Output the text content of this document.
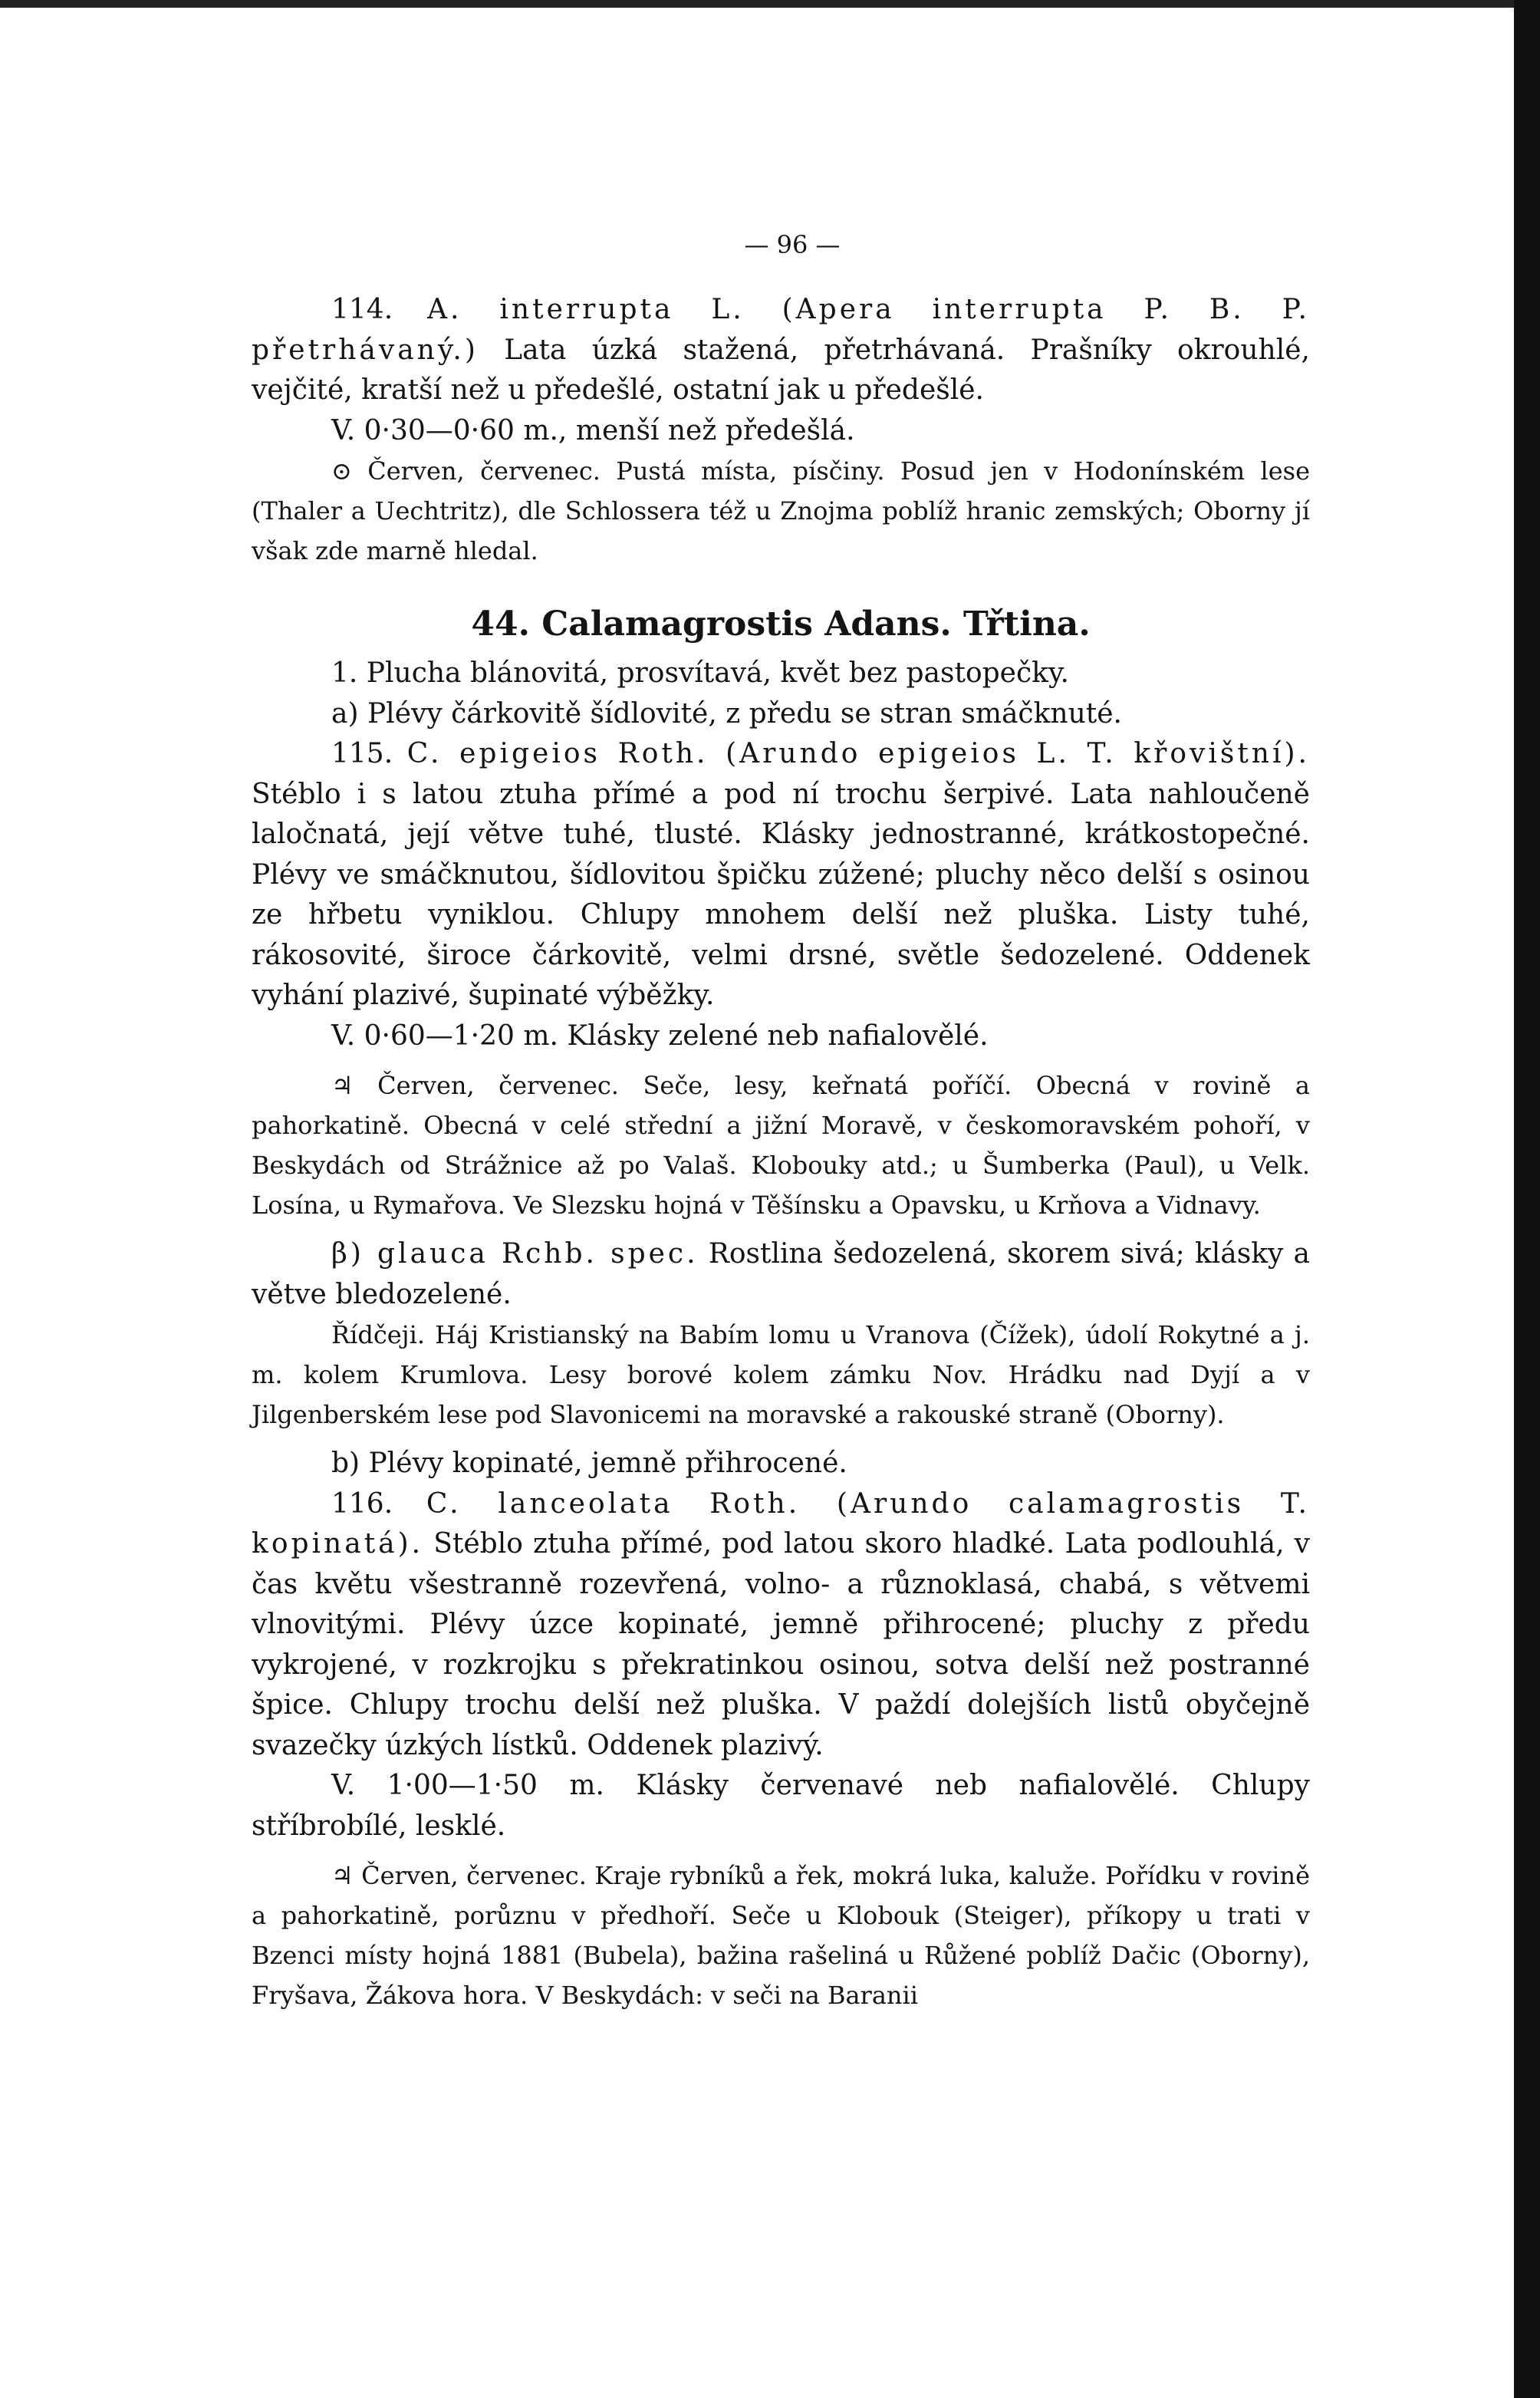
— 96 —

114. A. interrupta L. (Apera interrupta P. B. P. přetrhávaný.) Lata úzká stažená, přetrhávaná. Prašníky okrouhlé, vejčité, kratší než u předešlé, ostatní jak u předešlé.

V. 0·30—0·60 m., menší než předešlá.

⊙ Červen, červenec. Pustá místa, písčiny. Posud jen v Hodonínském lese (Thaler a Uechtritz), dle Schlossera též u Znojma poblíž hranic zemských; Oborny jí však zde marně hledal.

44. Calamagrostis Adans. Třtina.

1. Plucha blánovitá, prosvítavá, květ bez pastopečky.

a) Plévy čárkovitě šídlovité, z předu se stran smáčknuté.

115. C. epigeios Roth. (Arundo epigeios L. T. křovištní). Stéblo i s latou ztuha přímé a pod ní trochu šerpivé. Lata nahloučeně laločnatá, její větve tuhé, tlusté. Klásky jednostranné, krátkostopečné. Plévy ve smáčknutou, šídlovitou špičku zúžené; pluchy něco delší s osinou ze hřbetu vyniklou. Chlupy mnohem delší než pluška. Listy tuhé, rákosovité, široce čárkovitě, velmi drsné, světle šedozelené. Oddenek vyhání plazivé, šupinaté výběžky.

V. 0·60—1·20 m. Klásky zelené neb nafialovělé.

♃ Červen, červenec. Seče, lesy, keřnatá poříčí. Obecná v rovině a pahorkatině. Obecná v celé střední a jižní Moravě, v českomoravském pohoří, v Beskydách od Strážnice až po Valaš. Klobouky atd.; u Šumberka (Paul), u Velk. Losína, u Rymařova. Ve Slezsku hojná v Těšínsku a Opavsku, u Krňova a Vidnavy.

β) glauca Rchb. spec. Rostlina šedozelená, skorem sivá; klásky a větve bledozelené.

Řídčeji. Háj Kristianský na Babím lomu u Vranova (Čížek), údolí Rokytné a j. m. kolem Krumlova. Lesy borové kolem zámku Nov. Hrádku nad Dyjí a v Jilgenberském lese pod Slavonicemi na moravské a rakouské straně (Oborny).

b) Plévy kopinaté, jemně přihrocené.

116. C. lanceolata Roth. (Arundo calamagrostis T. kopinatá). Stéblo ztuha přímé, pod latou skoro hladké. Lata podlouhlá, v čas květu všestranně rozevřená, volno- a různoklasá, chabá, s větvemi vlnovitými. Plévy úzce kopinaté, jemně přihrocené; pluchy z předu vykrojené, v rozkrojku s překratinkou osinou, sotva delší než postranné špice. Chlupy trochu delší než pluška. V paždí dolejších listů obyčejně svazečky úzkých lístků. Oddenek plazivý.

V. 1·00—1·50 m. Klásky červenavé neb nafialovělé. Chlupy stříbrobílé, lesklé.

♃ Červen, červenec. Kraje rybníků a řek, mokrá luka, kaluže. Pořídku v rovině a pahorkatině, porůznu v předhoří. Seče u Klobouk (Steiger), příkopy u trati v Bzenci místy hojná 1881 (Bubela), bažina rašeliná u Růžené poblíž Dačic (Oborny), Fryšava, Žákova hora. V Beskydách: v seči na Baranii
